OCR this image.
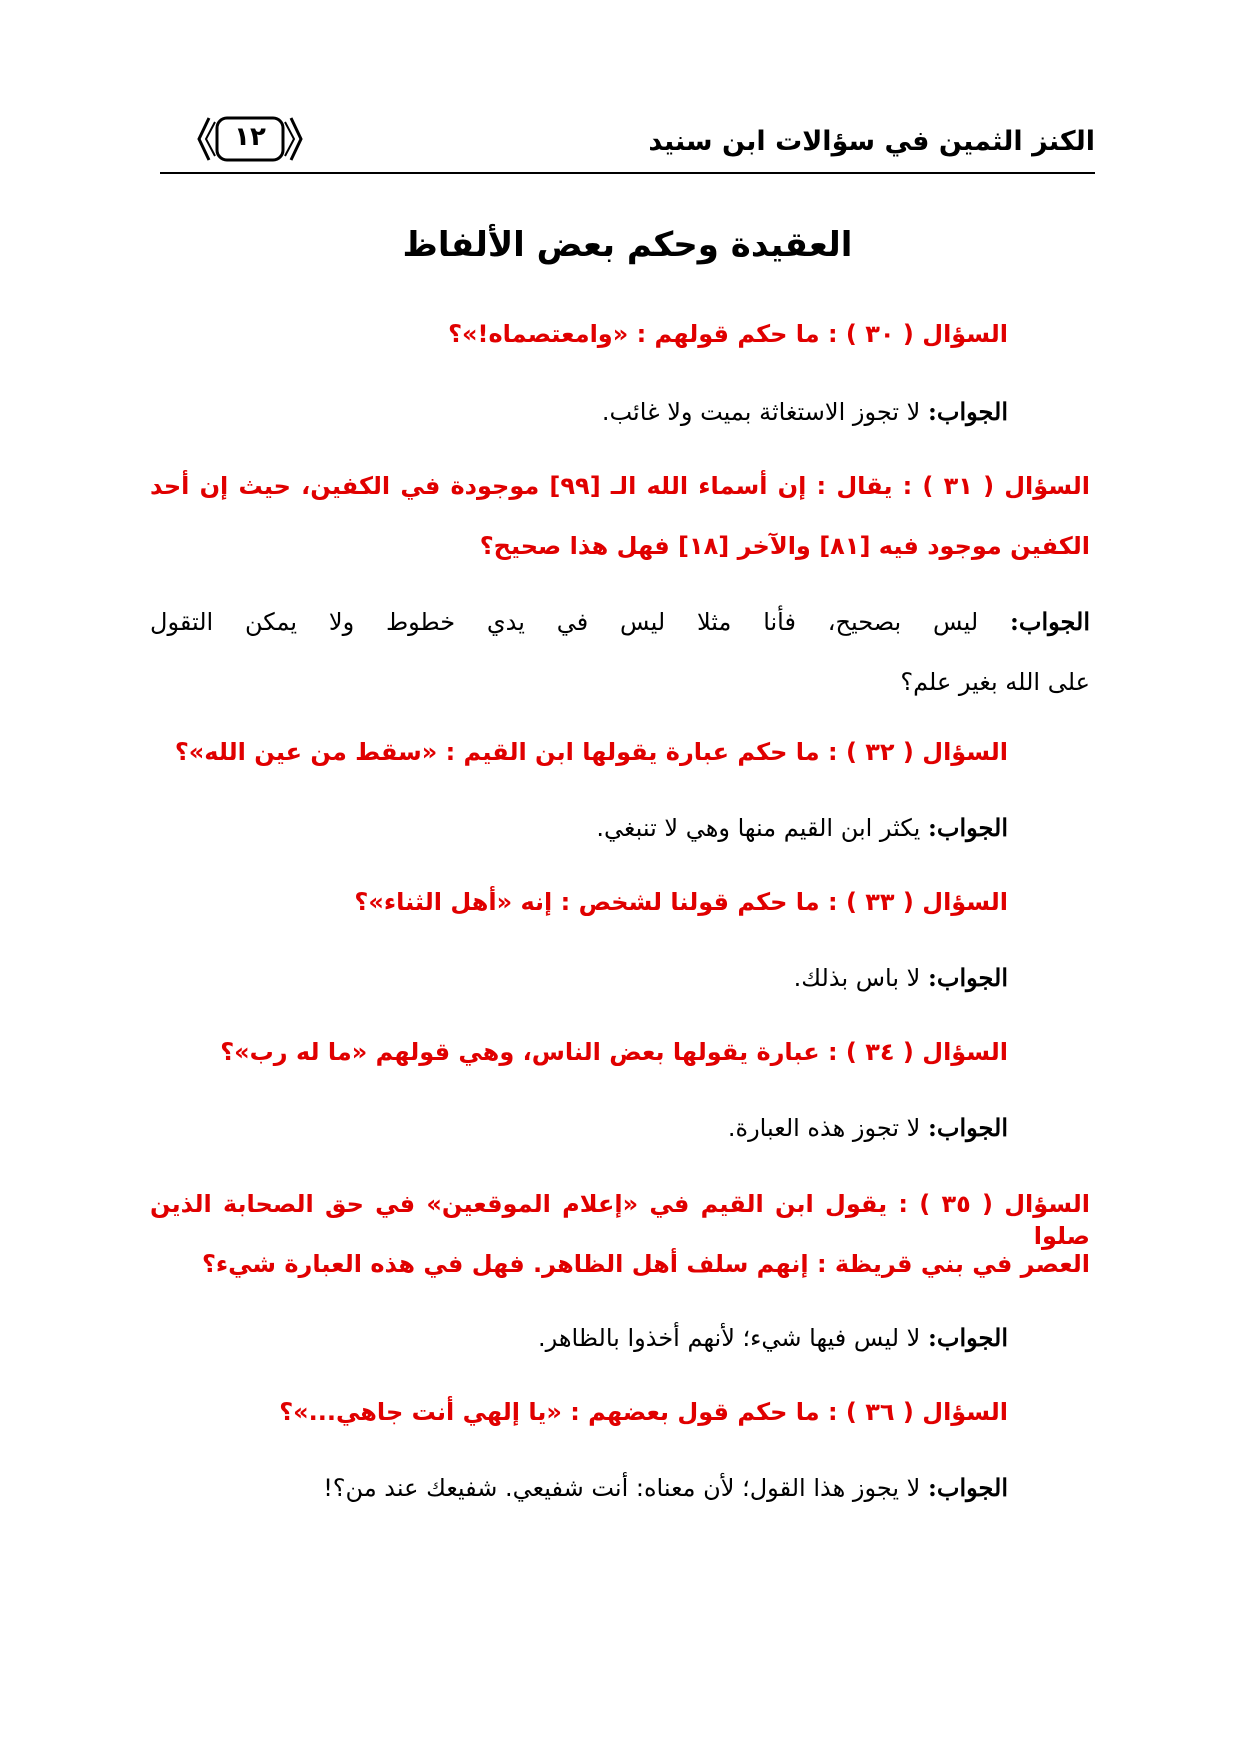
١٢	الكنز الثمين في سؤالات ابن سنيد
العقيدة وحكم بعض الألفاظ
السؤال ( ٣٠ ) : ما حكم قولهم : «وامعتصماه!»؟
الجواب: لا تجوز الاستغاثة بميت ولا غائب.
السؤال ( ٣١ ) : يقال : إن أسماء الله الـ [٩٩] موجودة في الكفين، حيث إن أحد
الكفين موجود فيه [٨١] والآخر [١٨] فهل هذا صحيح؟
الجواب: ليس بصحيح، فأنا مثلا ليس في يدي خطوط ولا يمكن التقول
على الله بغير علم؟
السؤال ( ٣٢ ) : ما حكم عبارة يقولها ابن القيم : «سقط من عين الله»؟
الجواب: يكثر ابن القيم منها وهي لا تنبغي.
السؤال ( ٣٣ ) : ما حكم قولنا لشخص : إنه «أهل الثناء»؟
الجواب: لا باس بذلك.
السؤال ( ٣٤ ) : عبارة يقولها بعض الناس، وهي قولهم «ما له رب»؟
الجواب: لا تجوز هذه العبارة.
السؤال ( ٣٥ ) : يقول ابن القيم في «إعلام الموقعين» في حق الصحابة الذين صلوا
العصر في بني قريظة : إنهم سلف أهل الظاهر. فهل في هذه العبارة شيء؟
الجواب: لا ليس فيها شيء؛ لأنهم أخذوا بالظاهر.
السؤال ( ٣٦ ) : ما حكم قول بعضهم : «يا إلهي أنت جاهي...»؟
الجواب: لا يجوز هذا القول؛ لأن معناه: أنت شفيعي. شفيعك عند من؟!
